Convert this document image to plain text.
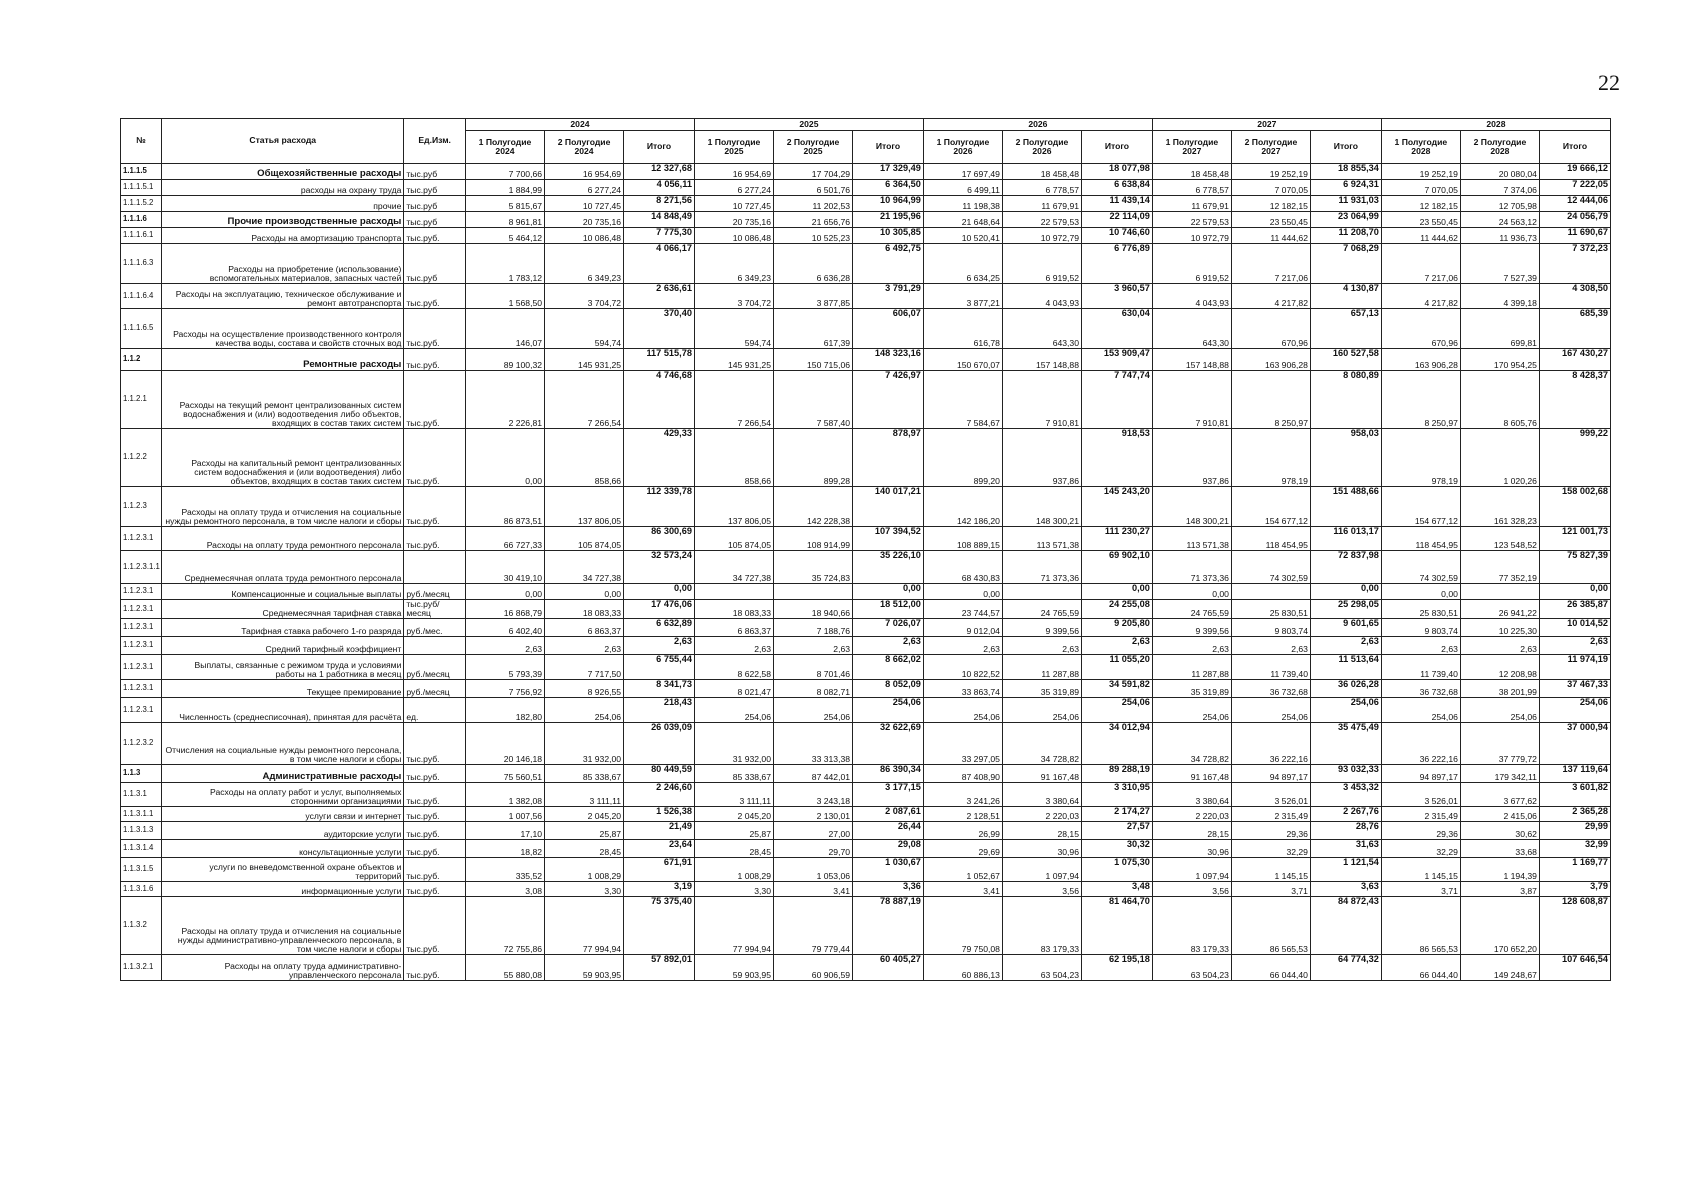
22
№	Статья расхода	Ед.Изм.	2024			2025			2026			2027			2028		
			1 Полугодие 2024	2 Полугодие 2024	Итого	1 Полугодие 2025	2 Полугодие 2025	Итого	1 Полугодие 2026	2 Полугодие 2026	Итого	1 Полугодие 2027	2 Полугодие 2027	Итого	1 Полугодие 2028	2 Полугодие 2028	Итого
1.1.1.5	Общехозяйственные расходы	тыс.руб	7 700,66	16 954,69	12 327,68	16 954,69	17 704,29	17 329,49	17 697,49	18 458,48	18 077,98	18 458,48	19 252,19	18 855,34	19 252,19	20 080,04	19 666,12
1.1.1.5.1	расходы на охрану труда	тыс.руб	1 884,99	6 277,24	4 056,11	6 277,24	6 501,76	6 364,50	6 499,11	6 778,57	6 638,84	6 778,57	7 070,05	6 924,31	7 070,05	7 374,06	7 222,05
1.1.1.5.2	прочие	тыс.руб	5 815,67	10 727,45	8 271,56	10 727,45	11 202,53	10 964,99	11 198,38	11 679,91	11 439,14	11 679,91	12 182,15	11 931,03	12 182,15	12 705,98	12 444,06
1.1.1.6	Прочие производственные расходы	тыс.руб	8 961,81	20 735,16	14 848,49	20 735,16	21 656,76	21 195,96	21 648,64	22 579,53	22 114,09	22 579,53	23 550,45	23 064,99	23 550,45	24 563,12	24 056,79
1.1.1.6.1	Расходы на амортизацию транспорта	тыс.руб.	5 464,12	10 086,48	7 775,30	10 086,48	10 525,23	10 305,85	10 520,41	10 972,79	10 746,60	10 972,79	11 444,62	11 208,70	11 444,62	11 936,73	11 690,67
1.1.1.6.3	Расходы на приобретение (использование) вспомогательных материалов, запасных частей	тыс.руб	1 783,12	6 349,23	4 066,17	6 349,23	6 636,28	6 492,75	6 634,25	6 919,52	6 776,89	6 919,52	7 217,06	7 068,29	7 217,06	7 527,39	7 372,23
1.1.1.6.4	Расходы на эксплуатацию, техническое обслуживание и ремонт автотранспорта	тыс.руб.	1 568,50	3 704,72	2 636,61	3 704,72	3 877,85	3 791,29	3 877,21	4 043,93	3 960,57	4 043,93	4 217,82	4 130,87	4 217,82	4 399,18	4 308,50
1.1.1.6.5	Расходы на осуществление производственного контроля качества воды, состава и свойств сточных вод	тыс.руб.	146,07	594,74	370,40	594,74	617,39	606,07	616,78	643,30	630,04	643,30	670,96	657,13	670,96	699,81	685,39
1.1.2	Ремонтные расходы	тыс.руб.	89 100,32	145 931,25	117 515,78	145 931,25	150 715,06	148 323,16	150 670,07	157 148,88	153 909,47	157 148,88	163 906,28	160 527,58	163 906,28	170 954,25	167 430,27
1.1.2.1	Расходы на текущий ремонт централизованных систем водоснабжения и (или) водоотведения либо объектов, входящих в состав таких систем	тыс.руб.	2 226,81	7 266,54	4 746,68	7 266,54	7 587,40	7 426,97	7 584,67	7 910,81	7 747,74	7 910,81	8 250,97	8 080,89	8 250,97	8 605,76	8 428,37
1.1.2.2	Расходы на капитальный ремонт централизованных систем водоснабжения и (или водоотведения) либо объектов, входящих в состав таких систем	тыс.руб.	0,00	858,66	429,33	858,66	899,28	878,97	899,20	937,86	918,53	937,86	978,19	958,03	978,19	1 020,26	999,22
1.1.2.3	Расходы на оплату труда и отчисления на социальные нужды ремонтного персонала, в том числе налоги и сборы	тыс.руб.	86 873,51	137 806,05	112 339,78	137 806,05	142 228,38	140 017,21	142 186,20	148 300,21	145 243,20	148 300,21	154 677,12	151 488,66	154 677,12	161 328,23	158 002,68
1.1.2.3.1	Расходы на оплату труда ремонтного персонала	тыс.руб.	66 727,33	105 874,05	86 300,69	105 874,05	108 914,99	107 394,52	108 889,15	113 571,38	111 230,27	113 571,38	118 454,95	116 013,17	118 454,95	123 548,52	121 001,73
1.1.2.3.1.1	Среднемесячная оплата труда ремонтного персонала		30 419,10	34 727,38	32 573,24	34 727,38	35 724,83	35 226,10	68 430,83	71 373,36	69 902,10	71 373,36	74 302,59	72 837,98	74 302,59	77 352,19	75 827,39
1.1.2.3.1	Компенсационные и социальные выплаты	руб./месяц	0,00	0,00	0,00			0,00	0,00		0,00	0,00		0,00	0,00		0,00
1.1.2.3.1	Среднемесячная тарифная ставка	тыс.руб/месяц	16 868,79	18 083,33	17 476,06	18 083,33	18 940,66	18 512,00	23 744,57	24 765,59	24 255,08	24 765,59	25 830,51	25 298,05	25 830,51	26 941,22	26 385,87
1.1.2.3.1	Тарифная ставка рабочего 1-го разряда	руб./мес.	6 402,40	6 863,37	6 632,89	6 863,37	7 188,76	7 026,07	9 012,04	9 399,56	9 205,80	9 399,56	9 803,74	9 601,65	9 803,74	10 225,30	10 014,52
1.1.2.3.1	Средний тарифный коэффициент		2,63	2,63	2,63	2,63	2,63	2,63	2,63	2,63	2,63	2,63	2,63	2,63	2,63	2,63	2,63
1.1.2.3.1	Выплаты, связанные с режимом труда и условиями работы на 1 работника в месяц	руб./месяц	5 793,39	7 717,50	6 755,44	8 622,58	8 701,46	8 662,02	10 822,52	11 287,88	11 055,20	11 287,88	11 739,40	11 513,64	11 739,40	12 208,98	11 974,19
1.1.2.3.1	Текущее премирование	руб./месяц	7 756,92	8 926,55	8 341,73	8 021,47	8 082,71	8 052,09	33 863,74	35 319,89	34 591,82	35 319,89	36 732,68	36 026,28	36 732,68	38 201,99	37 467,33
1.1.2.3.1	Численность (среднесписочная), принятая для расчёта	ед.	182,80	254,06	218,43	254,06	254,06	254,06	254,06	254,06	254,06	254,06	254,06	254,06	254,06	254,06	254,06
1.1.2.3.2	Отчисления на социальные нужды ремонтного персонала, в том числе налоги и сборы	тыс.руб.	20 146,18	31 932,00	26 039,09	31 932,00	33 313,38	32 622,69	33 297,05	34 728,82	34 012,94	34 728,82	36 222,16	35 475,49	36 222,16	37 779,72	37 000,94
1.1.3	Административные расходы	тыс.руб.	75 560,51	85 338,67	80 449,59	85 338,67	87 442,01	86 390,34	87 408,90	91 167,48	89 288,19	91 167,48	94 897,17	93 032,33	94 897,17	179 342,11	137 119,64
1.1.3.1	Расходы на оплату работ и услуг, выполняемых сторонними организациями	тыс.руб.	1 382,08	3 111,11	2 246,60	3 111,11	3 243,18	3 177,15	3 241,26	3 380,64	3 310,95	3 380,64	3 526,01	3 453,32	3 526,01	3 677,62	3 601,82
1.1.3.1.1	услуги связи и интернет	тыс.руб.	1 007,56	2 045,20	1 526,38	2 045,20	2 130,01	2 087,61	2 128,51	2 220,03	2 174,27	2 220,03	2 315,49	2 267,76	2 315,49	2 415,06	2 365,28
1.1.3.1.3	аудиторские услуги	тыс.руб.	17,10	25,87	21,49	25,87	27,00	26,44	26,99	28,15	27,57	28,15	29,36	28,76	29,36	30,62	29,99
1.1.3.1.4	консультационные услуги	тыс.руб.	18,82	28,45	23,64	28,45	29,70	29,08	29,69	30,96	30,32	30,96	32,29	31,63	32,29	33,68	32,99
1.1.3.1.5	услуги по вневедомственной охране объектов и территорий	тыс.руб.	335,52	1 008,29	671,91	1 008,29	1 053,06	1 030,67	1 052,67	1 097,94	1 075,30	1 097,94	1 145,15	1 121,54	1 145,15	1 194,39	1 169,77
1.1.3.1.6	информационные услуги	тыс.руб.	3,08	3,30	3,19	3,30	3,41	3,36	3,41	3,56	3,48	3,56	3,71	3,63	3,71	3,87	3,79
1.1.3.2	Расходы на оплату труда и отчисления на социальные нужды административно-управленческого персонала, в том числе налоги и сборы	тыс.руб.	72 755,86	77 994,94	75 375,40	77 994,94	79 779,44	78 887,19	79 750,08	83 179,33	81 464,70	83 179,33	86 565,53	84 872,43	86 565,53	170 652,20	128 608,87
1.1.3.2.1	Расходы на оплату труда административно-управленческого персонала	тыс.руб.	55 880,08	59 903,95	57 892,01	59 903,95	60 906,59	60 405,27	60 886,13	63 504,23	62 195,18	63 504,23	66 044,40	64 774,32	66 044,40	149 248,67	107 646,54
